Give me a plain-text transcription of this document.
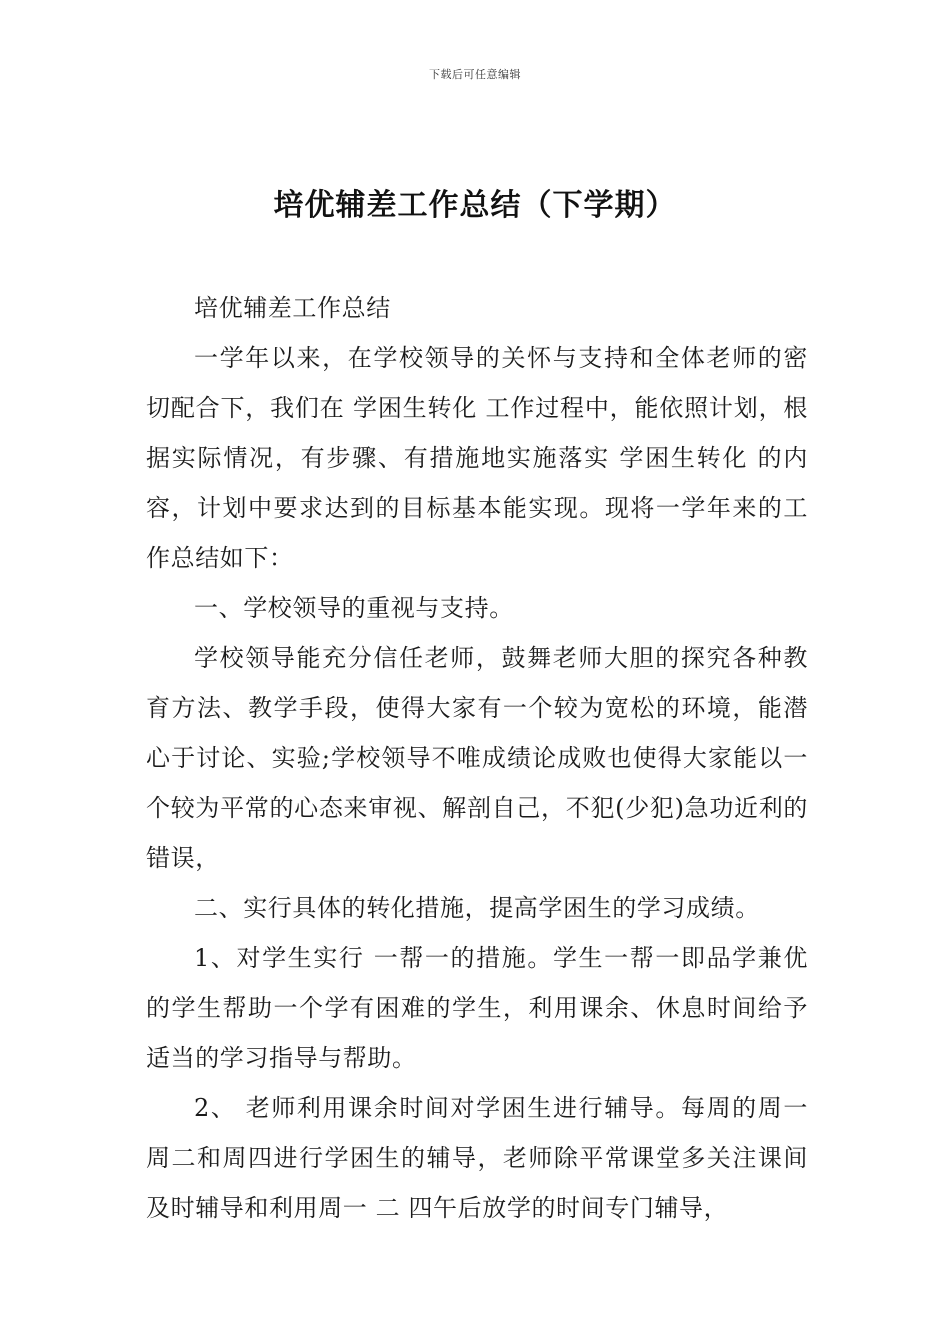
下载后可任意编辑
培优辅差工作总结（下学期）

培优辅差工作总结

一学年以来，在学校领导的关怀与支持和全体老师的密切配合下，我们在 学困生转化 工作过程中，能依照计划，根据实际情况，有步骤、有措施地实施落实 学困生转化 的内容，计划中要求达到的目标基本能实现。现将一学年来的工作总结如下：

一、学校领导的重视与支持。

学校领导能充分信任老师，鼓舞老师大胆的探究各种教育方法、教学手段，使得大家有一个较为宽松的环境，能潜心于讨论、实验;学校领导不唯成绩论成败也使得大家能以一个较为平常的心态来审视、解剖自己，不犯(少犯)急功近利的错误，

二、实行具体的转化措施，提高学困生的学习成绩。

1、对学生实行 一帮一的措施。学生一帮一即品学兼优的学生帮助一个学有困难的学生，利用课余、休息时间给予适当的学习指导与帮助。

2、 老师利用课余时间对学困生进行辅导。每周的周一周二和周四进行学困生的辅导，老师除平常课堂多关注课间及时辅导和利用周一 二 四午后放学的时间专门辅导，
